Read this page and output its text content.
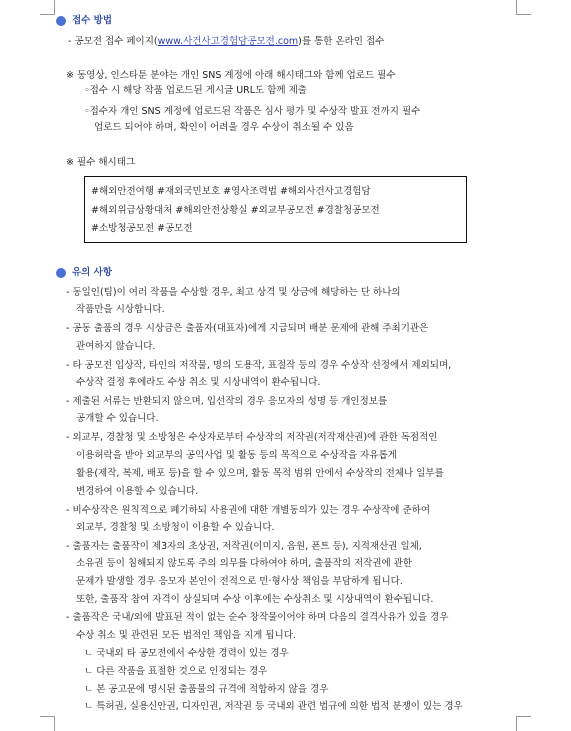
접수 방법
- 공모전 접수 페이지(www.사건사고경험담공모전.com)를 통한 온라인 접수
※ 동영상, 인스타툰 분야는 개인 SNS 계정에 아래 해시태그와 함께 업로드 필수
◦접수 시 해당 작품 업로드된 게시글 URL도 함께 제출
◦접수자 개인 SNS 계정에 업로드된 작품은 심사 평가 및 수상작 발표 전까지 필수
업로드 되어야 하며, 확인이 어려울 경우 수상이 취소될 수 있음
※ 필수 해시태그
#해외안전여행 #재외국민보호 #영사조력법 #해외사건사고경험담
#해외위급상황대처 #해외안전상황실 #외교부공모전 #경찰청공모전
#소방청공모전 #공모전
유의 사항
- 동일인(팀)이 여러 작품을 수상할 경우, 최고 상격 및 상금에 해당하는 단 하나의
작품만을 시상합니다.
- 공동 출품의 경우 시상금은 출품자(대표자)에게 지급되며 배분 문제에 관해 주최기관은
관여하지 않습니다.
- 타 공모전 입상작, 타인의 저작물, 명의 도용작, 표절작 등의 경우 수상작 선정에서 제외되며,
수상작 결정 후에라도 수상 취소 및 시상내역이 환수됩니다.
- 제출된 서류는 반환되지 않으며, 입선작의 경우 응모자의 성명 등 개인정보를
공개할 수 있습니다.
- 외교부, 경찰청 및 소방청은 수상자로부터 수상작의 저작권(저작재산권)에 관한 독점적인
이용허락을 받아 외교부의 공익사업 및 활동 등의 목적으로 수상작을 자유롭게
활용(제작, 복제, 배포 등)을 할 수 있으며, 활동 목적 범위 안에서 수상작의 전체나 일부를
변경하여 이용할 수 있습니다.
- 비수상작은 원칙적으로 폐기하되 사용권에 대한 개별동의가 있는 경우 수상작에 준하여
외교부, 경찰청 및 소방청이 이용할 수 있습니다.
- 출품자는 출품작이 제3자의 초상권, 저작권(이미지, 음원, 폰트 등), 지적재산권 일체,
소유권 등이 침해되지 않도록 주의 의무를 다하여야 하며, 출품작의 저작권에 관한
문제가 발생할 경우 응모자 본인이 전적으로 민·형사상 책임을 부담하게 됩니다.
또한, 출품작 참여 자격이 상실되며 수상 이후에는 수상취소 및 시상내역이 환수됩니다.
- 출품작은 국내/외에 발표된 적이 없는 순수 창작물이어야 하며 다음의 결격사유가 있을 경우
수상 취소 및 관련된 모든 법적인 책임을 지게 됩니다.
ㄴ 국내외 타 공모전에서 수상한 경력이 있는 경우
ㄴ 다른 작품을 표절한 것으로 인정되는 경우
ㄴ 본 공고문에 명시된 출품물의 규격에 적합하지 않을 경우
ㄴ 특허권, 실용신안권, 디자인권, 저작권 등 국내외 관련 법규에 의한 법적 분쟁이 있는 경우
